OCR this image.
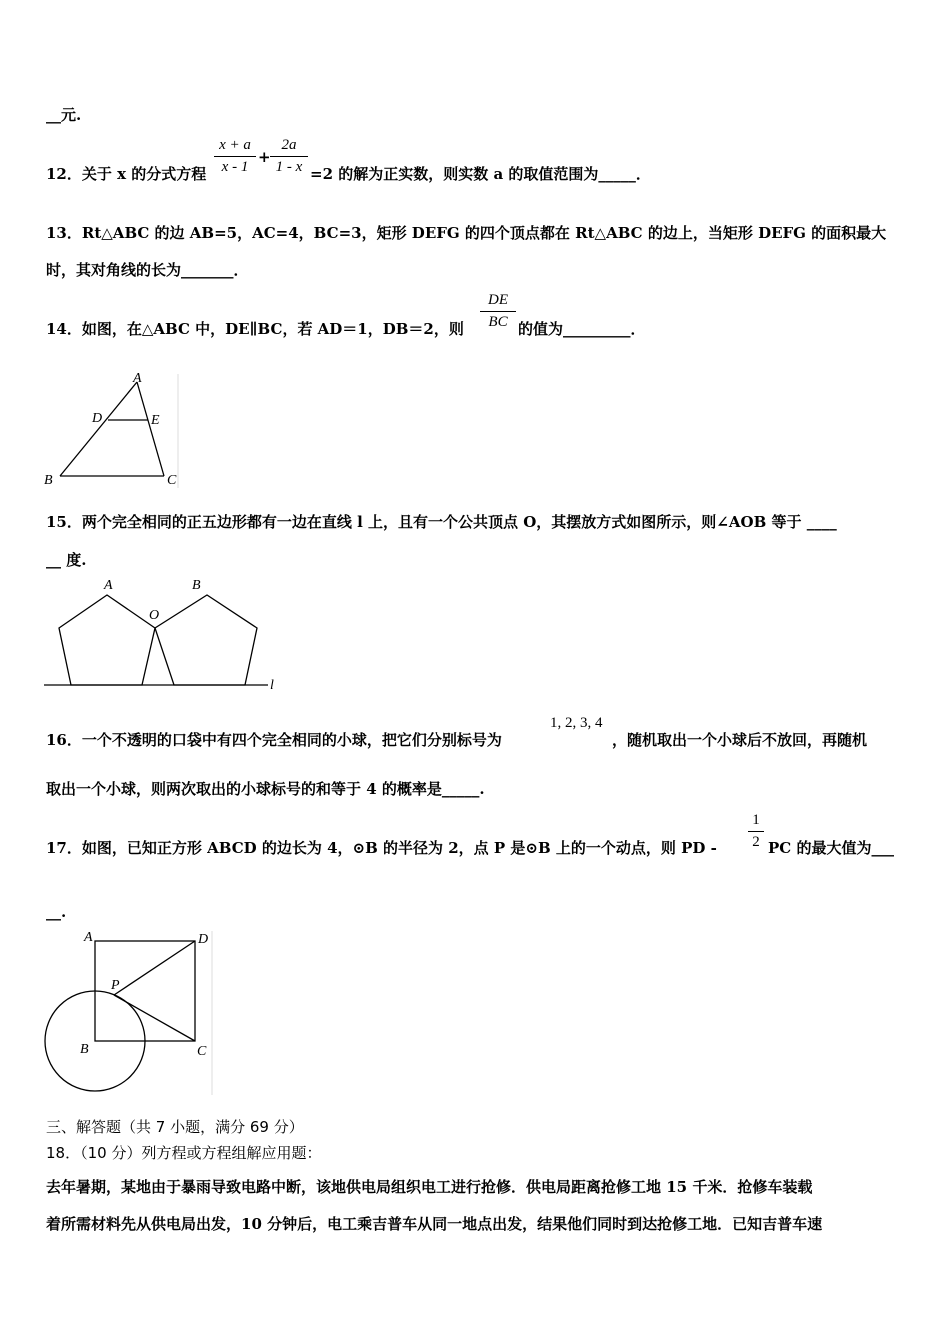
__元.
12．关于 x 的分式方程
x + a
x - 1
+
2a
1 - x =2 的解为正实数，则实数 a 的取值范围为_____．
13．Rt△ABC 的边 AB=5，AC=4，BC=3，矩形 DEFG 的四个顶点都在 Rt△ABC 的边上，当矩形 DEFG 的面积最大
时，其对角线的长为_______．
14．如图，在△ABC 中，DE∥BC，若 AD＝1，DB＝2，则
DE
BC 的值为_________．
A
D	E
B	C
15．两个完全相同的正五边形都有一边在直线 l 上，且有一个公共顶点 O，其摆放方式如图所示，则∠AOB 等于 ____
__ 度.
A
O
B
l
16．一个不透明的口袋中有四个完全相同的小球，把它们分别标号为
1, 2, 3, 4
，随机取出一个小球后不放回，再随机
取出一个小球，则两次取出的小球标号的和等于 4 的概率是_____.
17．如图，已知正方形 ABCD 的边长为 4，⊙B 的半径为 2，点 P 是⊙B 上的一个动点，则 PD -
1
2 PC 的最大值为___
__.
A	D
P
B	C
三、解答题（共 7 小题，满分 69 分）
18．（10 分）列方程或方程组解应用题：
去年暑期，某地由于暴雨导致电路中断，该地供电局组织电工进行抢修．供电局距离抢修工地 15 千米．抢修车装载
着所需材料先从供电局出发，10 分钟后，电工乘吉普车从同一地点出发，结果他们同时到达抢修工地．已知吉普车速
